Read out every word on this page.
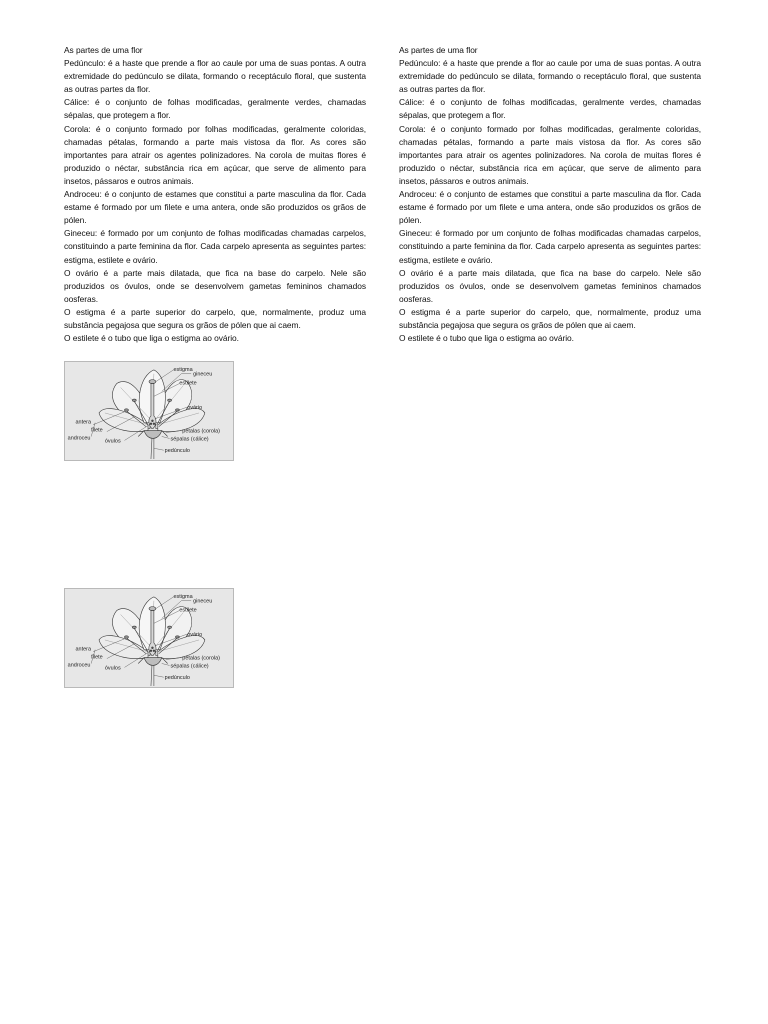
As partes de uma flor

Pedúnculo: é a haste que prende a flor ao caule por uma de suas pontas. A outra extremidade do pedúnculo se dilata, formando o receptáculo floral, que sustenta as outras partes da flor.

Cálice: é o conjunto de folhas modificadas, geralmente verdes, chamadas sépalas, que protegem a flor.

Corola: é o conjunto formado por folhas modificadas, geralmente coloridas, chamadas pétalas, formando a parte mais vistosa da flor. As cores são importantes para atrair os agentes polinizadores. Na corola de muitas flores é produzido o néctar, substância rica em açúcar, que serve de alimento para insetos, pássaros e outros animais.

Androceu: é o conjunto de estames que constitui a parte masculina da flor. Cada estame é formado por um filete e uma antera, onde são produzidos os grãos de pólen.

Gineceu: é formado por um conjunto de folhas modificadas chamadas carpelos, constituindo a parte feminina da flor. Cada carpelo apresenta as seguintes partes: estigma, estilete e ovário.

O ovário é a parte mais dilatada, que fica na base do carpelo. Nele são produzidos os óvulos, onde se desenvolvem gametas femininos chamados oosferas.

O estigma é a parte superior do carpelo, que, normalmente, produz uma substância pegajosa que segura os grãos de pólen que ai caem.

O estilete é o tubo que liga o estigma ao ovário.

As partes de uma flor

Pedúnculo: é a haste que prende a flor ao caule por uma de suas pontas. A outra extremidade do pedúnculo se dilata, formando o receptáculo floral, que sustenta as outras partes da flor.

Cálice: é o conjunto de folhas modificadas, geralmente verdes, chamadas sépalas, que protegem a flor.

Corola: é o conjunto formado por folhas modificadas, geralmente coloridas, chamadas pétalas, formando a parte mais vistosa da flor. As cores são importantes para atrair os agentes polinizadores. Na corola de muitas flores é produzido o néctar, substância rica em açúcar, que serve de alimento para insetos, pássaros e outros animais.

Androceu: é o conjunto de estames que constitui a parte masculina da flor. Cada estame é formado por um filete e uma antera, onde são produzidos os grãos de pólen.

Gineceu: é formado por um conjunto de folhas modificadas chamadas carpelos, constituindo a parte feminina da flor. Cada carpelo apresenta as seguintes partes: estigma, estilete e ovário.

O ovário é a parte mais dilatada, que fica na base do carpelo. Nele são produzidos os óvulos, onde se desenvolvem gametas femininos chamados oosferas.

O estigma é a parte superior do carpelo, que, normalmente, produz uma substância pegajosa que segura os grãos de pólen que ai caem.

O estilete é o tubo que liga o estigma ao ovário.

estigma
gineceu
estilete
ovário
antera
filete
androceu	óvulos
pétalas (corola)
sépalas (cálice)
pedúnculo
estigma
gineceu
estilete
ovário
antera
filete
androceu	óvulos
pétalas (corola)
sépalas (cálice)
pedúnculo
